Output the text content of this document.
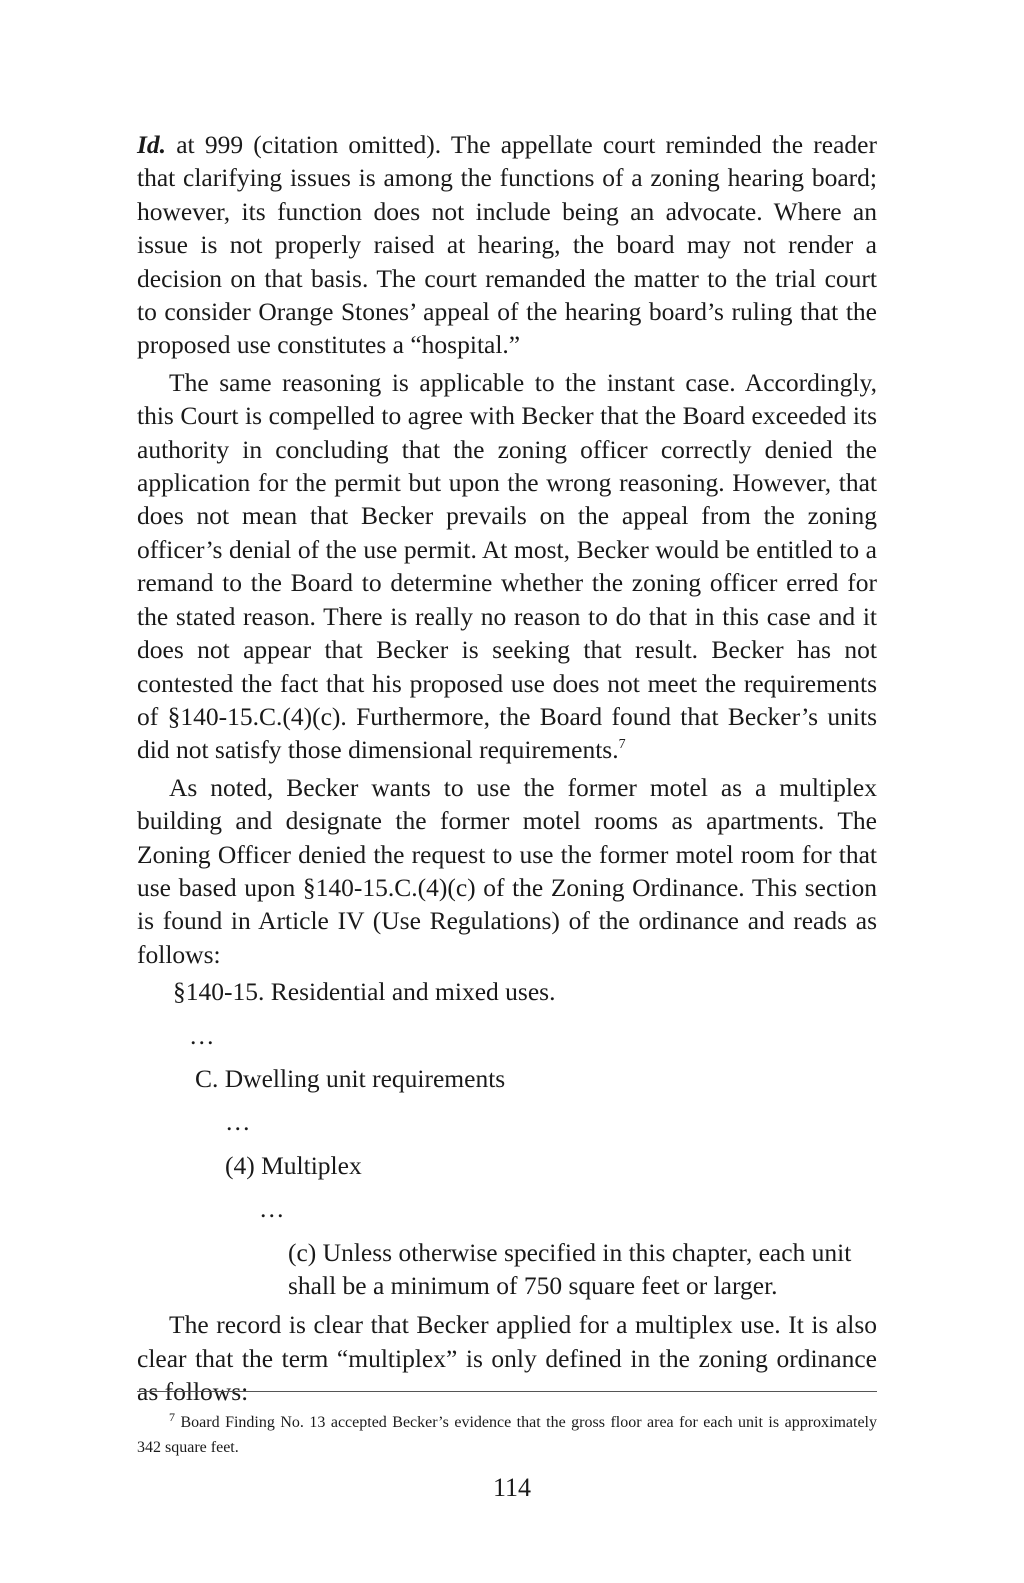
Id. at 999 (citation omitted). The appellate court reminded the reader that clarifying issues is among the functions of a zoning hearing board; however, its function does not include being an advocate. Where an issue is not properly raised at hearing, the board may not render a decision on that basis. The court remanded the matter to the trial court to consider Orange Stones’ appeal of the hearing board’s ruling that the proposed use constitutes a “hospital.”

The same reasoning is applicable to the instant case. Accordingly, this Court is compelled to agree with Becker that the Board exceeded its authority in concluding that the zoning officer correctly denied the application for the permit but upon the wrong reasoning. However, that does not mean that Becker prevails on the appeal from the zoning officer’s denial of the use permit. At most, Becker would be entitled to a remand to the Board to determine whether the zoning officer erred for the stated reason. There is really no reason to do that in this case and it does not appear that Becker is seeking that result. Becker has not contested the fact that his proposed use does not meet the requirements of §140-15.C.(4)(c). Furthermore, the Board found that Becker’s units did not satisfy those dimensional requirements.$^7$

As noted, Becker wants to use the former motel as a multiplex building and designate the former motel rooms as apartments. The Zoning Officer denied the request to use the former motel room for that use based upon §140-15.C.(4)(c) of the Zoning Ordinance. This section is found in Article IV (Use Regulations) of the ordinance and reads as follows:

§140-15. Residential and mixed uses.
…
C. Dwelling unit requirements
…
(4) Multiplex
…
(c) Unless otherwise specified in this chapter, each unit shall be a minimum of 750 square feet or larger.

The record is clear that Becker applied for a multiplex use. It is also clear that the term “multiplex” is only defined in the zoning ordinance as follows:

$^7$ Board Finding No. 13 accepted Becker’s evidence that the gross floor area for each unit is approximately 342 square feet.
114
